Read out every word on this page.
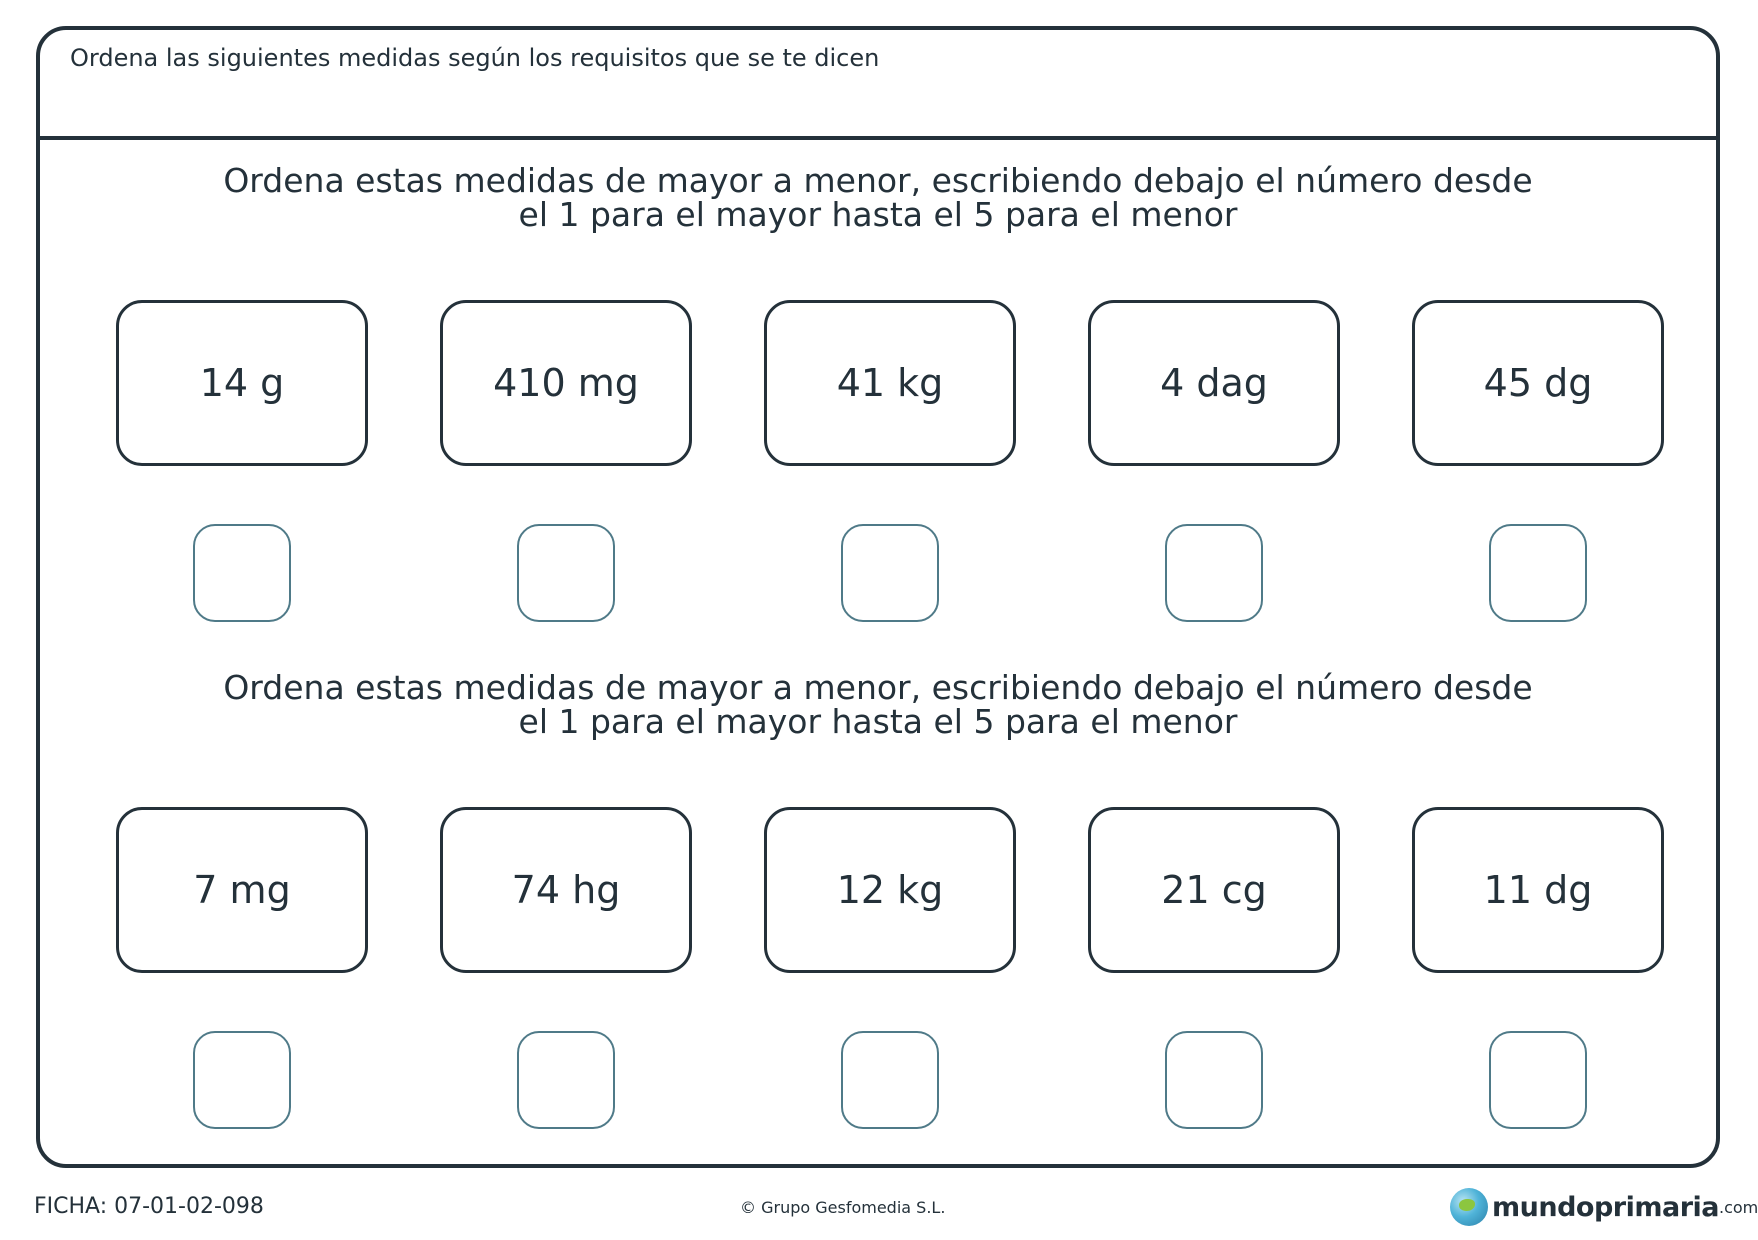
Ordena las siguientes medidas según los requisitos que se te dicen
Ordena estas medidas de mayor a menor, escribiendo debajo el número desde
el 1 para el mayor hasta el 5 para el menor
14 g	410 mg	41 kg	4 dag	45 dg
Ordena estas medidas de mayor a menor, escribiendo debajo el número desde
el 1 para el mayor hasta el 5 para el menor
7 mg	74 hg	12 kg	21 cg	11 dg
FICHA: 07-01-02-098	© Grupo Gesfomedia S.L.	mundoprimaria .com
